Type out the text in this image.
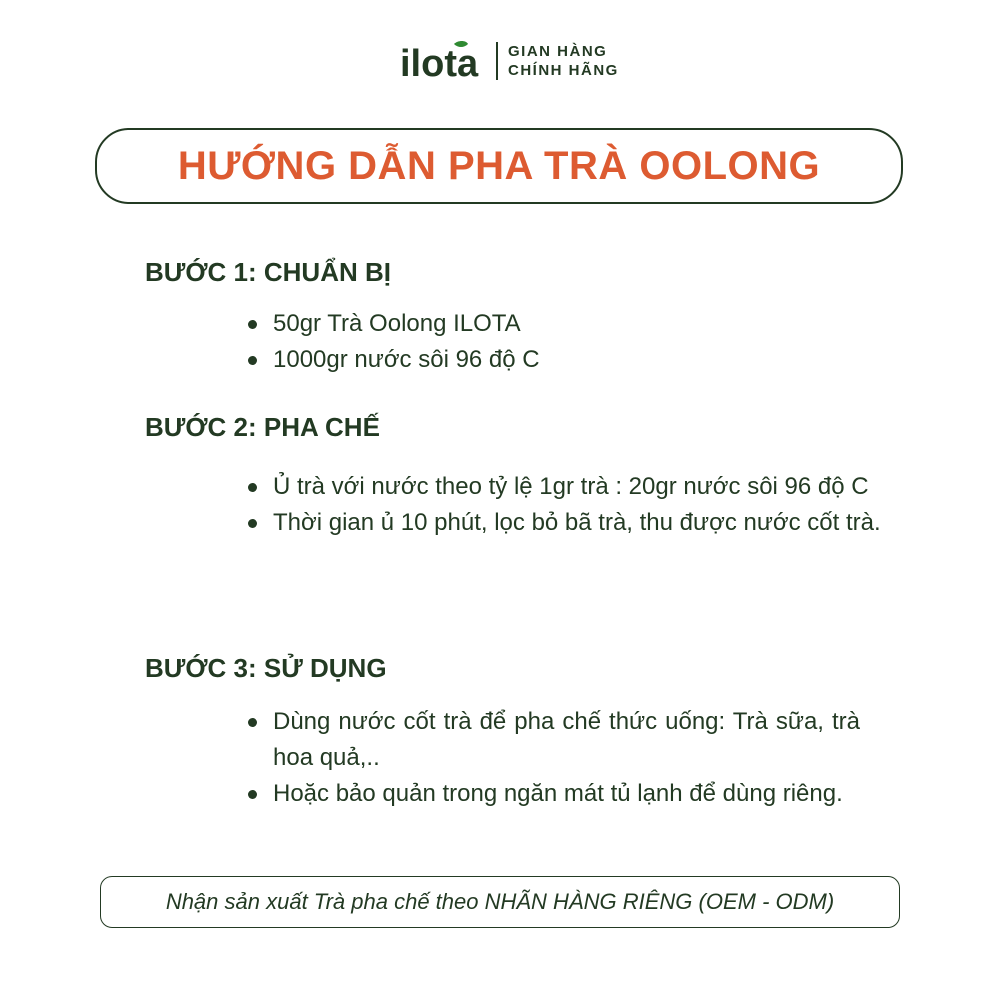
ilota GIAN HÀNG
CHÍNH HÃNG
HƯỚNG DẪN PHA TRÀ OOLONG
BƯỚC 1: CHUẨN BỊ
50gr Trà Oolong ILOTA
1000gr nước sôi 96 độ C
BƯỚC 2: PHA CHẾ
Ủ trà với nước theo tỷ lệ 1gr trà : 20gr nước sôi 96 độ C
Thời gian ủ 10 phút, lọc bỏ bã trà, thu được nước cốt trà.
BƯỚC 3: SỬ DỤNG
Dùng nước cốt trà để pha chế thức uống: Trà sữa, trà hoa quả,..
Hoặc bảo quản trong ngăn mát tủ lạnh để dùng riêng.
Nhận sản xuất Trà pha chế theo NHÃN HÀNG RIÊNG (OEM - ODM)
